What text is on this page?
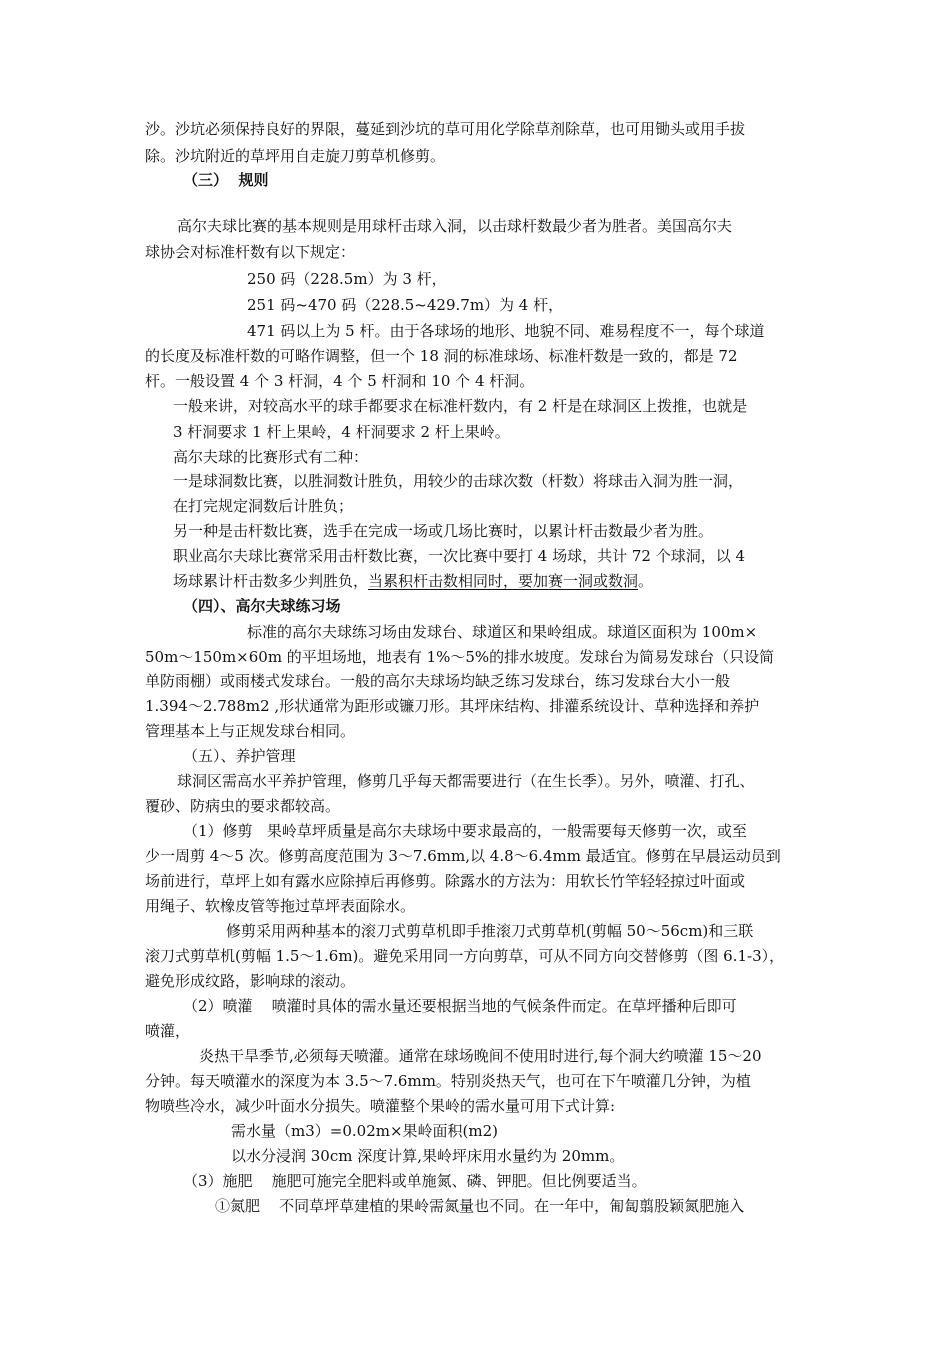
沙。沙坑必须保持良好的界限，蔓延到沙坑的草可用化学除草剂除草，也可用锄头或用手拔
除。沙坑附近的草坪用自走旋刀剪草机修剪。
（三）  规则
高尔夫球比赛的基本规则是用球杆击球入洞，以击球杆数最少者为胜者。美国高尔夫
球协会对标准杆数有以下规定：
250 码（228.5m）为 3 杆，
251 码~470 码（228.5~429.7m）为 4 杆，
471 码以上为 5 杆。由于各球场的地形、地貌不同、难易程度不一，每个球道
的长度及标准杆数的可略作调整，但一个 18 洞的标准球场、标准杆数是一致的，都是 72
杆。一般设置 4 个 3 杆洞，4 个 5 杆洞和 10 个 4 杆洞。
一般来讲，对较高水平的球手都要求在标准杆数内，有 2 杆是在球洞区上拨推，也就是
3 杆洞要求 1 杆上果岭，4 杆洞要求 2 杆上果岭。
高尔夫球的比赛形式有二种：
一是球洞数比赛，以胜洞数计胜负，用较少的击球次数（杆数）将球击入洞为胜一洞，
在打完规定洞数后计胜负；
另一种是击杆数比赛，选手在完成一场或几场比赛时，以累计杆击数最少者为胜。
职业高尔夫球比赛常采用击杆数比赛，一次比赛中要打 4 场球，共计 72 个球洞，以 4
场球累计杆击数多少判胜负，当累积杆击数相同时，要加赛一洞或数洞。
（四）、高尔夫球练习场
标准的高尔夫球练习场由发球台、球道区和果岭组成。球道区面积为 100m×
50m～150m×60m 的平坦场地，地表有 1%～5%的排水坡度。发球台为简易发球台（只设简
单防雨棚）或雨楼式发球台。一般的高尔夫球场均缺乏练习发球台，练习发球台大小一般
1.394～2.788m2 ,形状通常为距形或镰刀形。其坪床结构、排灌系统设计、草种选择和养护
管理基本上与正规发球台相同。
（五）、养护管理
球洞区需高水平养护管理，修剪几乎每天都需要进行（在生长季）。另外，喷灌、打孔、
覆砂、防病虫的要求都较高。
（1）修剪   果岭草坪质量是高尔夫球场中要求最高的，一般需要每天修剪一次，或至
少一周剪 4～5 次。修剪高度范围为 3～7.6mm,以 4.8～6.4mm 最适宜。修剪在早晨运动员到
场前进行，草坪上如有露水应除掉后再修剪。除露水的方法为：用软长竹竿轻轻掠过叶面或
用绳子、软橡皮管等拖过草坪表面除水。
修剪采用两种基本的滚刀式剪草机即手推滚刀式剪草机(剪幅 50～56cm)和三联
滚刀式剪草机(剪幅 1.5～1.6m)。避免采用同一方向剪草，可从不同方向交替修剪（图 6.1-3），
避免形成纹路，影响球的滚动。
（2）喷灌    喷灌时具体的需水量还要根据当地的气候条件而定。在草坪播种后即可
喷灌，
炎热干旱季节,必须每天喷灌。通常在球场晚间不使用时进行,每个洞大约喷灌 15～20
分钟。每天喷灌水的深度为本 3.5～7.6mm。特别炎热天气，也可在下午喷灌几分钟，为植
物喷些冷水，减少叶面水分损失。喷灌整个果岭的需水量可用下式计算:
需水量（m3）=0.02m×果岭面积(m2)
以水分浸润 30cm 深度计算,果岭坪床用水量约为 20mm。
（3）施肥    施肥可施完全肥料或单施氮、磷、钾肥。但比例要适当。
①氮肥    不同草坪草建植的果岭需氮量也不同。在一年中，匍匐翦股颖氮肥施入
